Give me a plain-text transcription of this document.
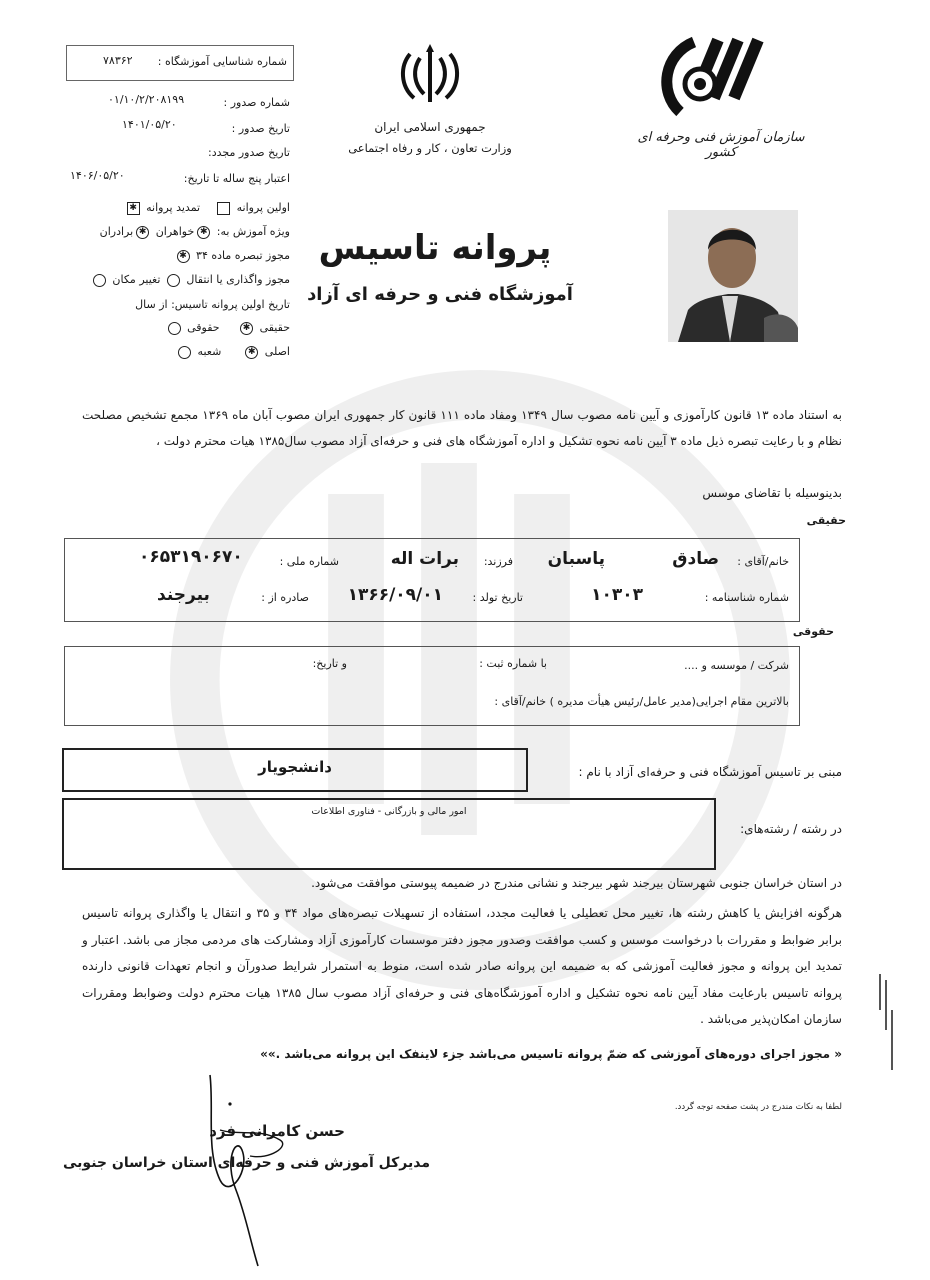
شماره شناسایی آموزشگاه :
۷۸۳۶۲
شماره صدور :
۰۱/۱۰/۲/۲۰۸۱۹۹
تاریخ صدور :
۱۴۰۱/۰۵/۲۰
تاریخ صدور مجدد:
اعتبار پنج ساله تا تاریخ:
۱۴۰۶/۰۵/۲۰
اولین پروانه     تمدید پروانه ✱
ویژه آموزش به: ✱خواهران ✱برادران
مجوز تبصره ماده ۳۴ ✱
مجوز واگذاری یا انتقال  تغییر مکان
تاریخ اولین پروانه تاسیس: از سال
حقیقی ✱     حقوقی
اصلی ✱      شعبه
جمهوری اسلامی ایران
وزارت تعاون ، کار و رفاه اجتماعی
سازمان آموزش فنی وحرفه ای کشور
پروانه تاسیس
آموزشگاه فنی و حرفه ای آزاد
به استناد ماده ۱۳ قانون کارآموزی و آیین نامه مصوب سال ۱۳۴۹ ومفاد ماده ۱۱۱ قانون کار جمهوری ایران مصوب آبان ماه ۱۳۶۹ مجمع تشخیص مصلحت نظام و با رعایت تبصره ذیل ماده ۳ آیین نامه نحوه تشکیل و اداره آموزشگاه های فنی و حرفه‌ای آزاد مصوب سال۱۳۸۵ هیات محترم دولت ،
بدینوسیله با تقاضای موسس
حقیقی
خانم/آقای :
صادق
پاسبان
فرزند:
برات اله
شماره ملی :
۰۶۵۳۱۹۰۶۷۰
شماره شناسنامه :
۱۰۳۰۳
تاریخ تولد :
۱۳۶۶/۰۹/۰۱
صادره از :
بیرجند
حقوقی
شرکت / موسسه و ....
با شماره ثبت :
و تاریخ:
بالاترین مقام اجرایی(مدیر عامل/رئیس هیأت مدیره ) خانم/آقای :
مبنی بر تاسیس آموزشگاه فنی و حرفه‌ای آزاد با نام :
دانشجویار
در رشته / رشته‌های:
امور مالی و بازرگانی - فناوری اطلاعات
در استان خراسان جنوبی شهرستان بیرجند شهر بیرجند و نشانی مندرج در ضمیمه پیوستی موافقت می‌شود.
هرگونه افزایش یا کاهش رشته ها، تغییر محل تعطیلی یا فعالیت مجدد، استفاده از تسهیلات تبصره‌های مواد ۳۴ و ۳۵ و انتقال یا واگذاری پروانه تاسیس برابر ضوابط و مقررات با درخواست موسس و کسب موافقت وصدور مجوز دفتر موسسات کارآموزی آزاد ومشارکت های مردمی مجاز می باشد. اعتبار و تمدید این پروانه و مجوز فعالیت آموزشی که به ضمیمه این پروانه صادر شده است، منوط به استمرار شرایط صدورآن و انجام تعهدات قانونی دارنده پروانه تاسیس بارعایت مفاد آیین نامه نحوه تشکیل و اداره آموزشگاه‌های فنی و حرفه‌ای آزاد مصوب سال ۱۳۸۵ هیات محترم دولت وضوابط ومقررات سازمان امکان‌پذیر می‌باشد .
« مجوز اجرای دوره‌های آموزشی که ضمّ پروانه تاسیس می‌باشد جزء لاینفک این پروانه می‌باشد .»»
لطفا به نکات مندرج در پشت صفحه توجه گردد.
حسن کامرانی فرد
مدیرکل آموزش فنی و حرفه‌ای استان خراسان جنوبی
